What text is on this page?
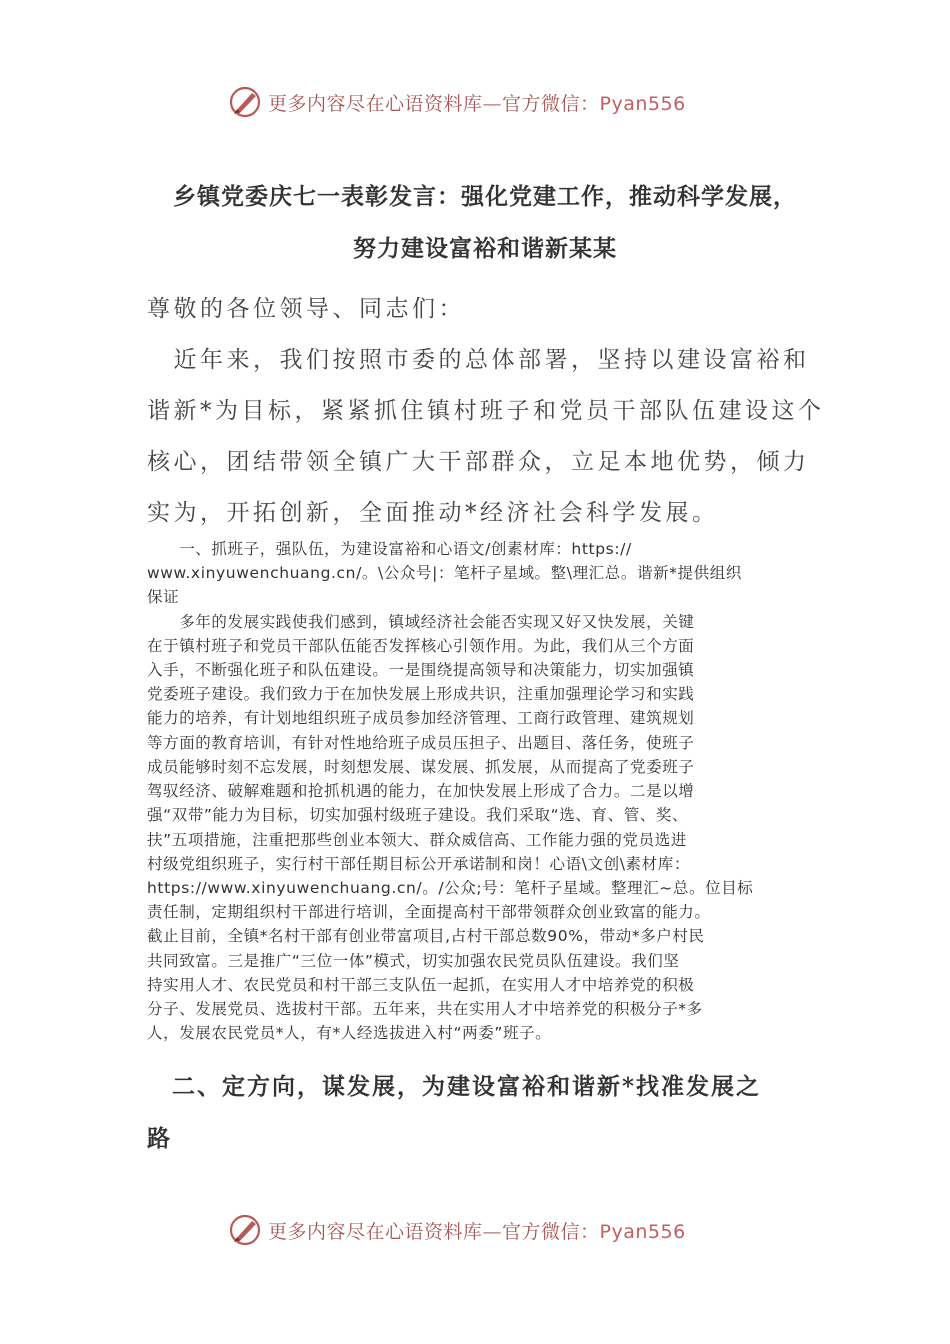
更多内容尽在心语资料库—官方微信：Pyan556
乡镇党委庆七一表彰发言：强化党建工作，推动科学发展，
努力建设富裕和谐新某某
尊敬的各位领导、同志们：
　近年来，我们按照市委的总体部署，坚持以建设富裕和
谐新*为目标，紧紧抓住镇村班子和党员干部队伍建设这个
核心，团结带领全镇广大干部群众，立足本地优势，倾力
实为，开拓创新，全面推动*经济社会科学发展。
　　一、抓班子，强队伍，为建设富裕和心语文/创素材库：https://
www.xinyuwenchuang.cn/。\公众号|：笔杆子星域。整\理汇总。谐新*提供组织
保证
　　多年的发展实践使我们感到，镇域经济社会能否实现又好又快发展，关键
在于镇村班子和党员干部队伍能否发挥核心引领作用。为此，我们从三个方面
入手，不断强化班子和队伍建设。一是围绕提高领导和决策能力，切实加强镇
党委班子建设。我们致力于在加快发展上形成共识，注重加强理论学习和实践
能力的培养，有计划地组织班子成员参加经济管理、工商行政管理、建筑规划
等方面的教育培训，有针对性地给班子成员压担子、出题目、落任务，使班子
成员能够时刻不忘发展，时刻想发展、谋发展、抓发展，从而提高了党委班子
驾驭经济、破解难题和抢抓机遇的能力，在加快发展上形成了合力。二是以增
强“双带”能力为目标，切实加强村级班子建设。我们采取“选、育、管、奖、
扶”五项措施，注重把那些创业本领大、群众威信高、工作能力强的党员选进
村级党组织班子，实行村干部任期目标公开承诺制和岗！心语\文创\素材库：
https://www.xinyuwenchuang.cn/。/公众;号：笔杆子星域。整理汇~总。位目标
责任制，定期组织村干部进行培训，全面提高村干部带领群众创业致富的能力。
截止目前，全镇*名村干部有创业带富项目,占村干部总数90%，带动*多户村民
共同致富。三是推广“三位一体”模式，切实加强农民党员队伍建设。我们坚
持实用人才、农民党员和村干部三支队伍一起抓，在实用人才中培养党的积极
分子、发展党员、选拔村干部。五年来，共在实用人才中培养党的积极分子*多
人，发展农民党员*人，有*人经选拔进入村“两委”班子。
　二、定方向，谋发展，为建设富裕和谐新*找准发展之
路
更多内容尽在心语资料库—官方微信：Pyan556
